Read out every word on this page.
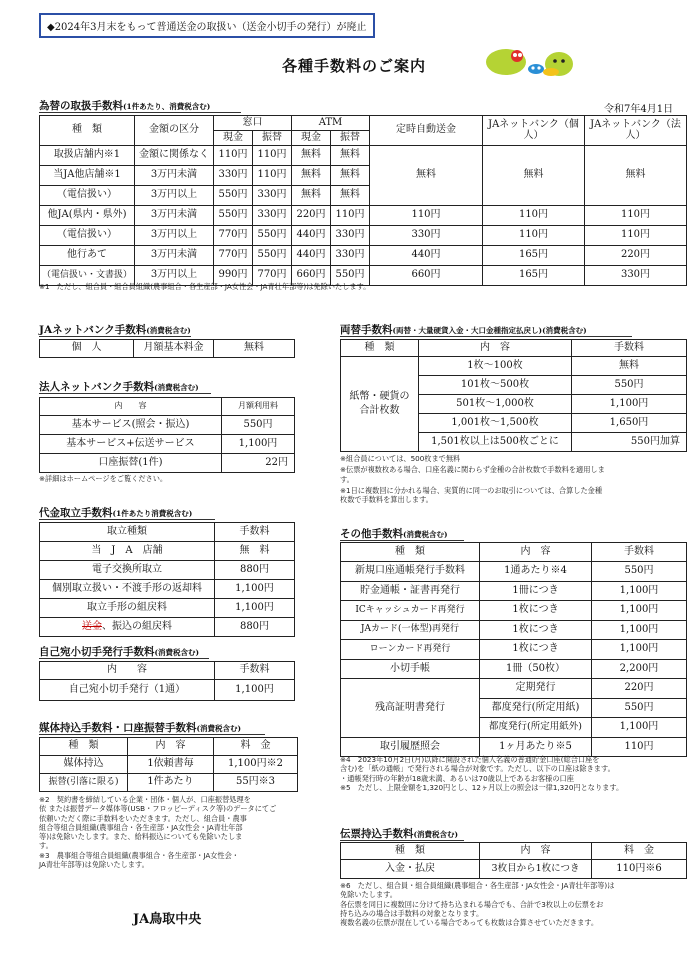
◆2024年3月末をもって普通送金の取扱い（送金小切手の発行）が廃止
各種手数料のご案内
為替の取扱手数料(1件あたり、消費税含む)	令和7年4月1日
種　類	金額の区分	窓口		ATM		定時自動送金	JAネットバンク（個人）	JAネットバンク（法人）
		現金	振替	現金	振替			
取扱店舗内※1	金額に関係なく	110円	110円	無料	無料	無料	無料	無料
当JA他店舗※1	3万円未満	330円	110円	無料	無料			
（電信扱い）	3万円以上	550円	330円	無料	無料			
他JA(県内・県外)	3万円未満	550円	330円	220円	110円	110円	110円	110円
（電信扱い）	3万円以上	770円	550円	440円	330円	330円	110円	110円
他行あて	3万円未満	770円	550円	440円	330円	440円	165円	220円
（電信扱い・文書扱）	3万円以上	990円	770円	660円	550円	660円	165円	330円
※1　ただし、組合員・組合員組織(農事組合・各生産部・JA女性会・JA青壮年部等)は免除いたします。
JAネットバンク手数料(消費税含む)
個　人	月額基本料金	無料
法人ネットバンク手数料(消費税含む)
内　　容	月額利用料
基本サービス(照会・振込)	550円
基本サービス+伝送サービス	1,100円
口座振替(1件)	22円
※詳細はホームページをご覧ください。
代金取立手数料(1件あたり消費税含む)
取立種類	手数料
当　J　A　店舗	無　料
電子交換所取立	880円
個別取立扱い・不渡手形の返却料	1,100円
取立手形の組戻料	1,100円
送金、振込の組戻料	880円
自己宛小切手発行手数料(消費税含む)
内　　容	手数料
自己宛小切手発行（1通）	1,100円
媒体持込手数料・口座振替手数料(消費税含む)
種　類	内　容	料　金
媒体持込	1依頼書毎	1,100円※2
振替(引落に限る)	1件あたり	55円※3
※2　契約書を締結している企業・団体・個人が、口座振替処理を
依 または振替データ媒体等(USB・フロッピーディスク等)のデータにてご
依頼いただく際に手数料をいただきます。ただし、組合員・農事
組合等組合員組織(農事組合・各生産部・JA女性会・JA青壮年部
等)は免除いたします。また、給料振込についても免除いたしま
す。
※3　農事組合等組合員組織(農事組合・各生産部・JA女性会・
JA青壮年部等)は免除いたします。
JA鳥取中央
両替手数料(両替・大量硬貨入金・大口金種指定払戻し)(消費税含む)
種　類	内　容	手数料
紙幣・硬貨の合計枚数	1枚～100枚	無料
	101枚～500枚	550円
	501枚～1,000枚	1,100円
	1,001枚～1,500枚	1,650円
	1,501枚以上は500枚ごとに	550円加算
※組合員については、500枚まで無料
※伝票が複数枚ある場合、口座名義に関わらず金種の合計枚数で手数料を適用しま
す。
※1日に複数回に分かれる場合、実質的に同一のお取引については、合算した金種
枚数で手数料を算出します。
その他手数料(消費税含む)
種　類	内　容	手数料
新規口座通帳発行手数料	1通あたり※4	550円
貯金通帳・証書再発行	1冊につき	1,100円
ICキャッシュカード再発行	1枚につき	1,100円
JAカード(一体型)再発行	1枚につき	1,100円
ローンカード再発行	1枚につき	1,100円
小切手帳	1冊（50枚）	2,200円
残高証明書発行	定期発行	220円
	都度発行(所定用紙)	550円
	都度発行(所定用紙外)	1,100円
取引履歴照会	1ヶ月あたり※5	110円
※4　2023年10月2日(月)以降に開設された個人名義の普通貯金口座(総合口座を
含む)を「紙の通帳」で発行される場合が対象です。ただし、以下の口座は除きます。
・通帳発行時の年齢が18歳未満、あるいは70歳以上であるお客様の口座
※5　ただし、上限金額を1,320円とし、12ヶ月以上の照会は一律1,320円となります。
伝票持込手数料(消費税含む)
種　類	内　容	料　金
入金・払戻	3枚目から1枚につき	110円※6
※6　ただし、組合員・組合員組織(農事組合・各生産部・JA女性会・JA青壮年部等)は
免除いたします。
各伝票を同日に複数回に分けて持ち込まれる場合でも、合計で3枚以上の伝票をお
持ち込みの場合は手数料の対象となります。
複数名義の伝票が混在している場合であっても枚数は合算させていただきます。
